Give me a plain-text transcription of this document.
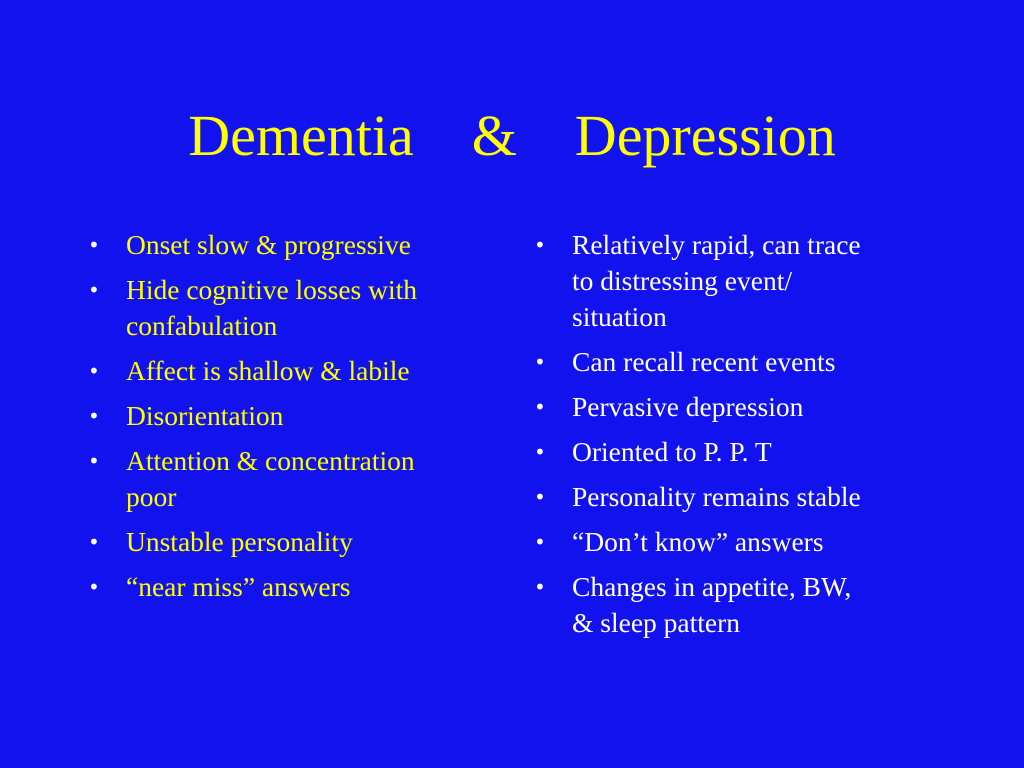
Dementia    &    Depression
• Onset slow & progressive
• Hide cognitive losses with
confabulation
• Affect is shallow & labile
• Disorientation
• Attention & concentration
poor
• Unstable personality
• “near miss” answers
• Relatively rapid, can trace
to distressing event/
situation
• Can recall recent events
• Pervasive depression
• Oriented to P. P. T
• Personality remains stable
• “Don’t know” answers
• Changes in appetite, BW,
& sleep pattern
